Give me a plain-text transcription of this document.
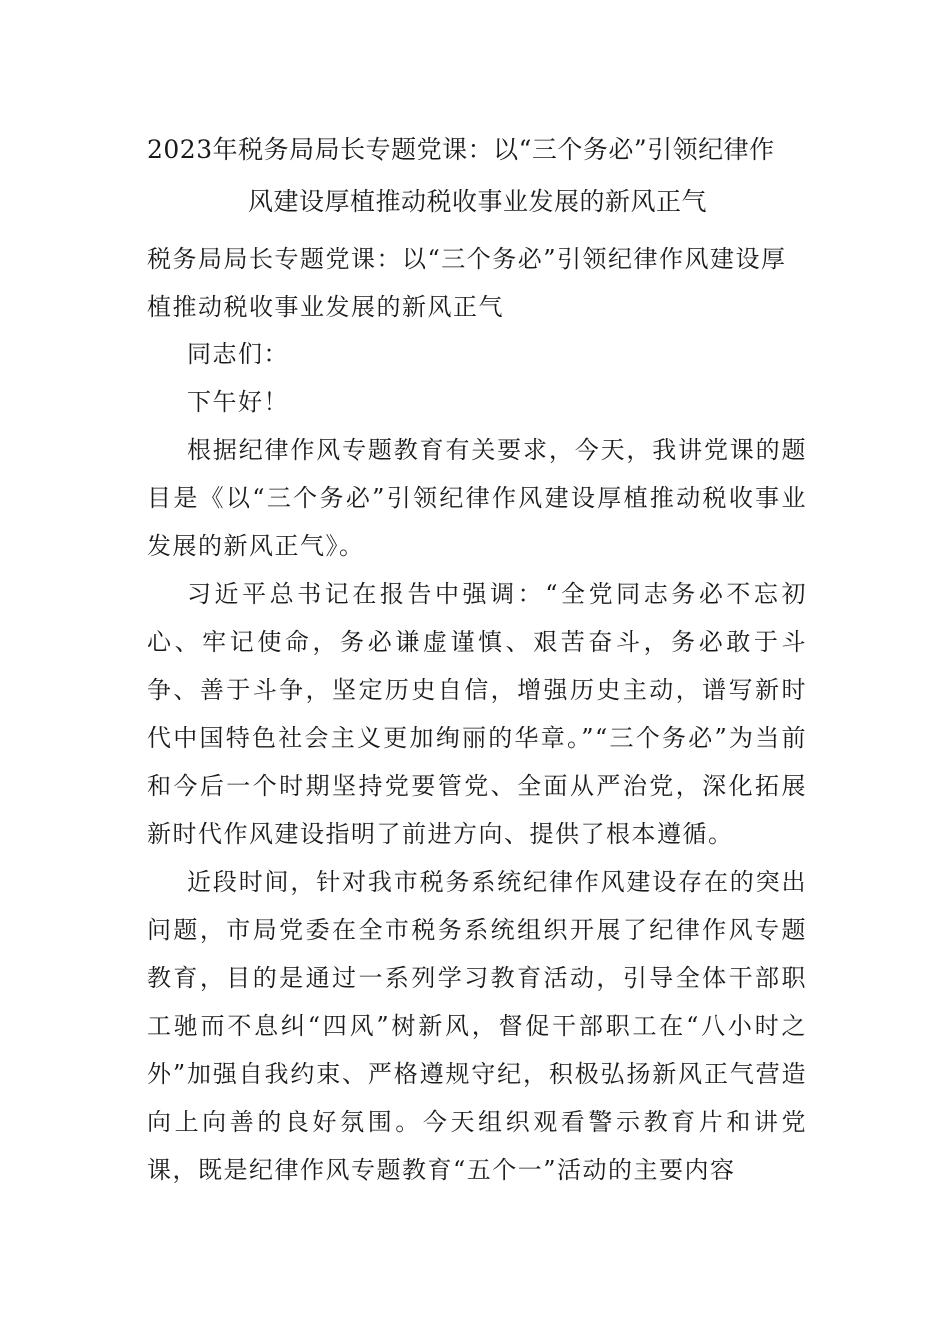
2023年税务局局长专题党课：以“三个务必”引领纪律作
风建设厚植推动税收事业发展的新风正气
税务局局长专题党课：以“三个务必”引领纪律作风建设厚植推动税收事业发展的新风正气

同志们：

下午好！

根据纪律作风专题教育有关要求，今天，我讲党课的题目是《以“三个务必”引领纪律作风建设厚植推动税收事业发展的新风正气》。

习近平总书记在报告中强调：“全党同志务必不忘初心、牢记使命，务必谦虚谨慎、艰苦奋斗，务必敢于斗争、善于斗争，坚定历史自信，增强历史主动，谱写新时代中国特色社会主义更加绚丽的华章。”“三个务必”为当前和今后一个时期坚持党要管党、全面从严治党，深化拓展新时代作风建设指明了前进方向、提供了根本遵循。

近段时间，针对我市税务系统纪律作风建设存在的突出问题，市局党委在全市税务系统组织开展了纪律作风专题教育，目的是通过一系列学习教育活动，引导全体干部职工驰而不息纠“四风”树新风，督促干部职工在“八小时之外”加强自我约束、严格遵规守纪，积极弘扬新风正气营造向上向善的良好氛围。今天组织观看警示教育片和讲党课，既是纪律作风专题教育“五个一”活动的主要内容
